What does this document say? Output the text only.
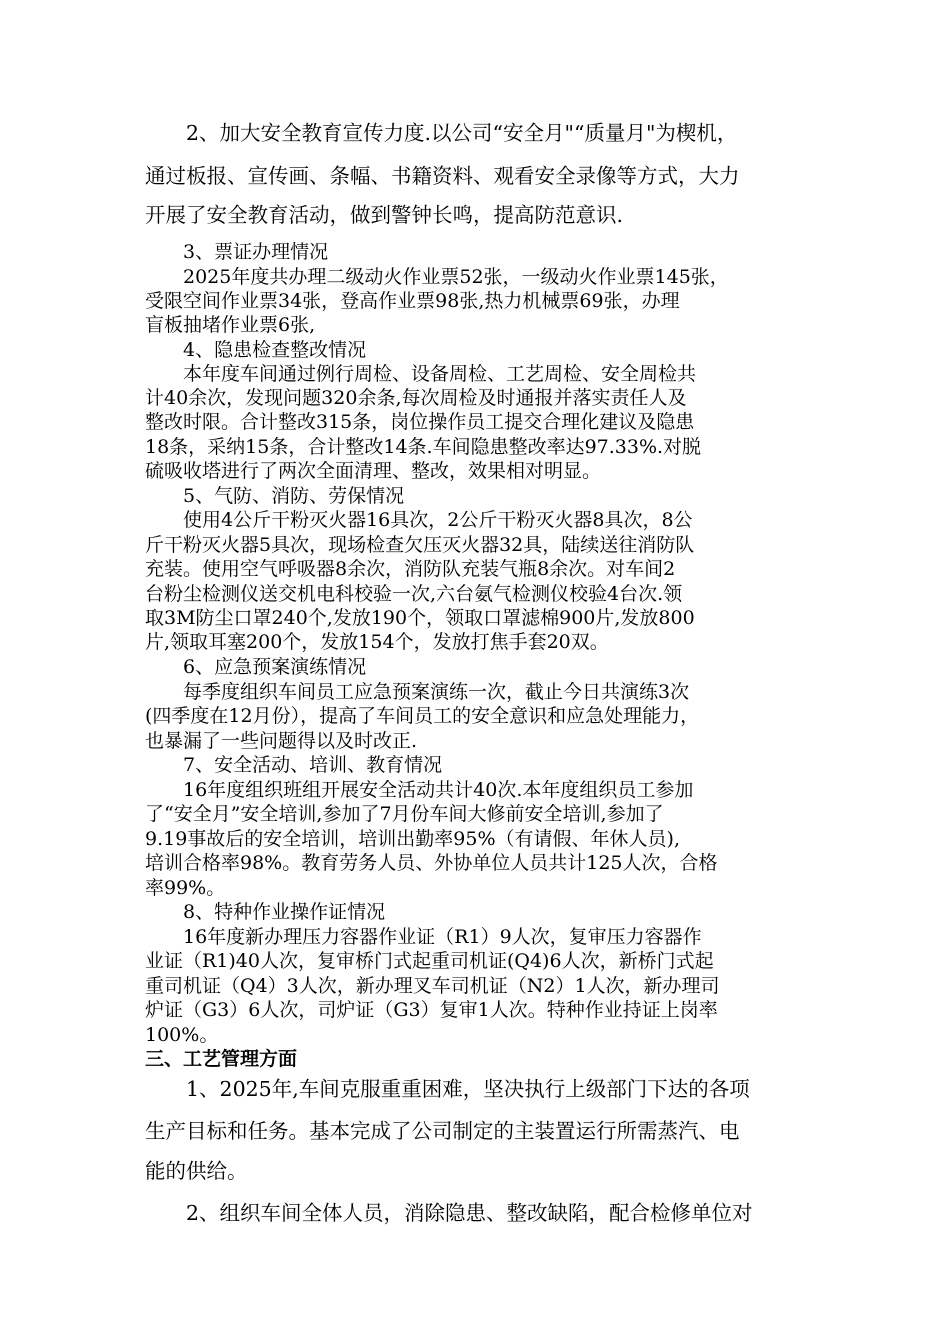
　　2、加大安全教育宣传力度.以公司“安全月"“质量月"为楔机，
通过板报、宣传画、条幅、书籍资料、观看安全录像等方式，大力
开展了安全教育活动，做到警钟长鸣，提高防范意识.
　　3、票证办理情况
　　2025年度共办理二级动火作业票52张，一级动火作业票145张，
受限空间作业票34张，登高作业票98张,热力机械票69张，办理
盲板抽堵作业票6张,
　　4、隐患检查整改情况
　　本年度车间通过例行周检、设备周检、工艺周检、安全周检共
计40余次，发现问题320余条,每次周检及时通报并落实责任人及
整改时限。合计整改315条，岗位操作员工提交合理化建议及隐患
18条，采纳15条，合计整改14条.车间隐患整改率达97.33%.对脱
硫吸收塔进行了两次全面清理、整改，效果相对明显。
　　5、气防、消防、劳保情况
　　使用4公斤干粉灭火器16具次，2公斤干粉灭火器8具次，8公
斤干粉灭火器5具次，现场检查欠压灭火器32具，陆续送往消防队
充装。使用空气呼吸器8余次，消防队充装气瓶8余次。对车间2
台粉尘检测仪送交机电科校验一次,六台氨气检测仪校验4台次.领
取3M防尘口罩240个,发放190个，领取口罩滤棉900片,发放800
片,领取耳塞200个，发放154个，发放打焦手套20双。
　　6、应急预案演练情况
　　每季度组织车间员工应急预案演练一次，截止今日共演练3次
(四季度在12月份），提高了车间员工的安全意识和应急处理能力，
也暴漏了一些问题得以及时改正.
　　7、安全活动、培训、教育情况
　　16年度组织班组开展安全活动共计40次.本年度组织员工参加
了“安全月”安全培训,参加了7月份车间大修前安全培训,参加了
9.19事故后的安全培训，培训出勤率95%（有请假、年休人员),
培训合格率98%。教育劳务人员、外协单位人员共计125人次，合格
率99%。
　　8、特种作业操作证情况
　　16年度新办理压力容器作业证（R1）9人次，复审压力容器作
业证（R1)40人次，复审桥门式起重司机证(Q4)6人次，新桥门式起
重司机证（Q4）3人次，新办理叉车司机证（N2）1人次，新办理司
炉证（G3）6人次，司炉证（G3）复审1人次。特种作业持证上岗率
100%。
三、工艺管理方面
　　1、2025年,车间克服重重困难，坚决执行上级部门下达的各项
生产目标和任务。基本完成了公司制定的主装置运行所需蒸汽、电
能的供给。
　　2、组织车间全体人员，消除隐患、整改缺陷，配合检修单位对
